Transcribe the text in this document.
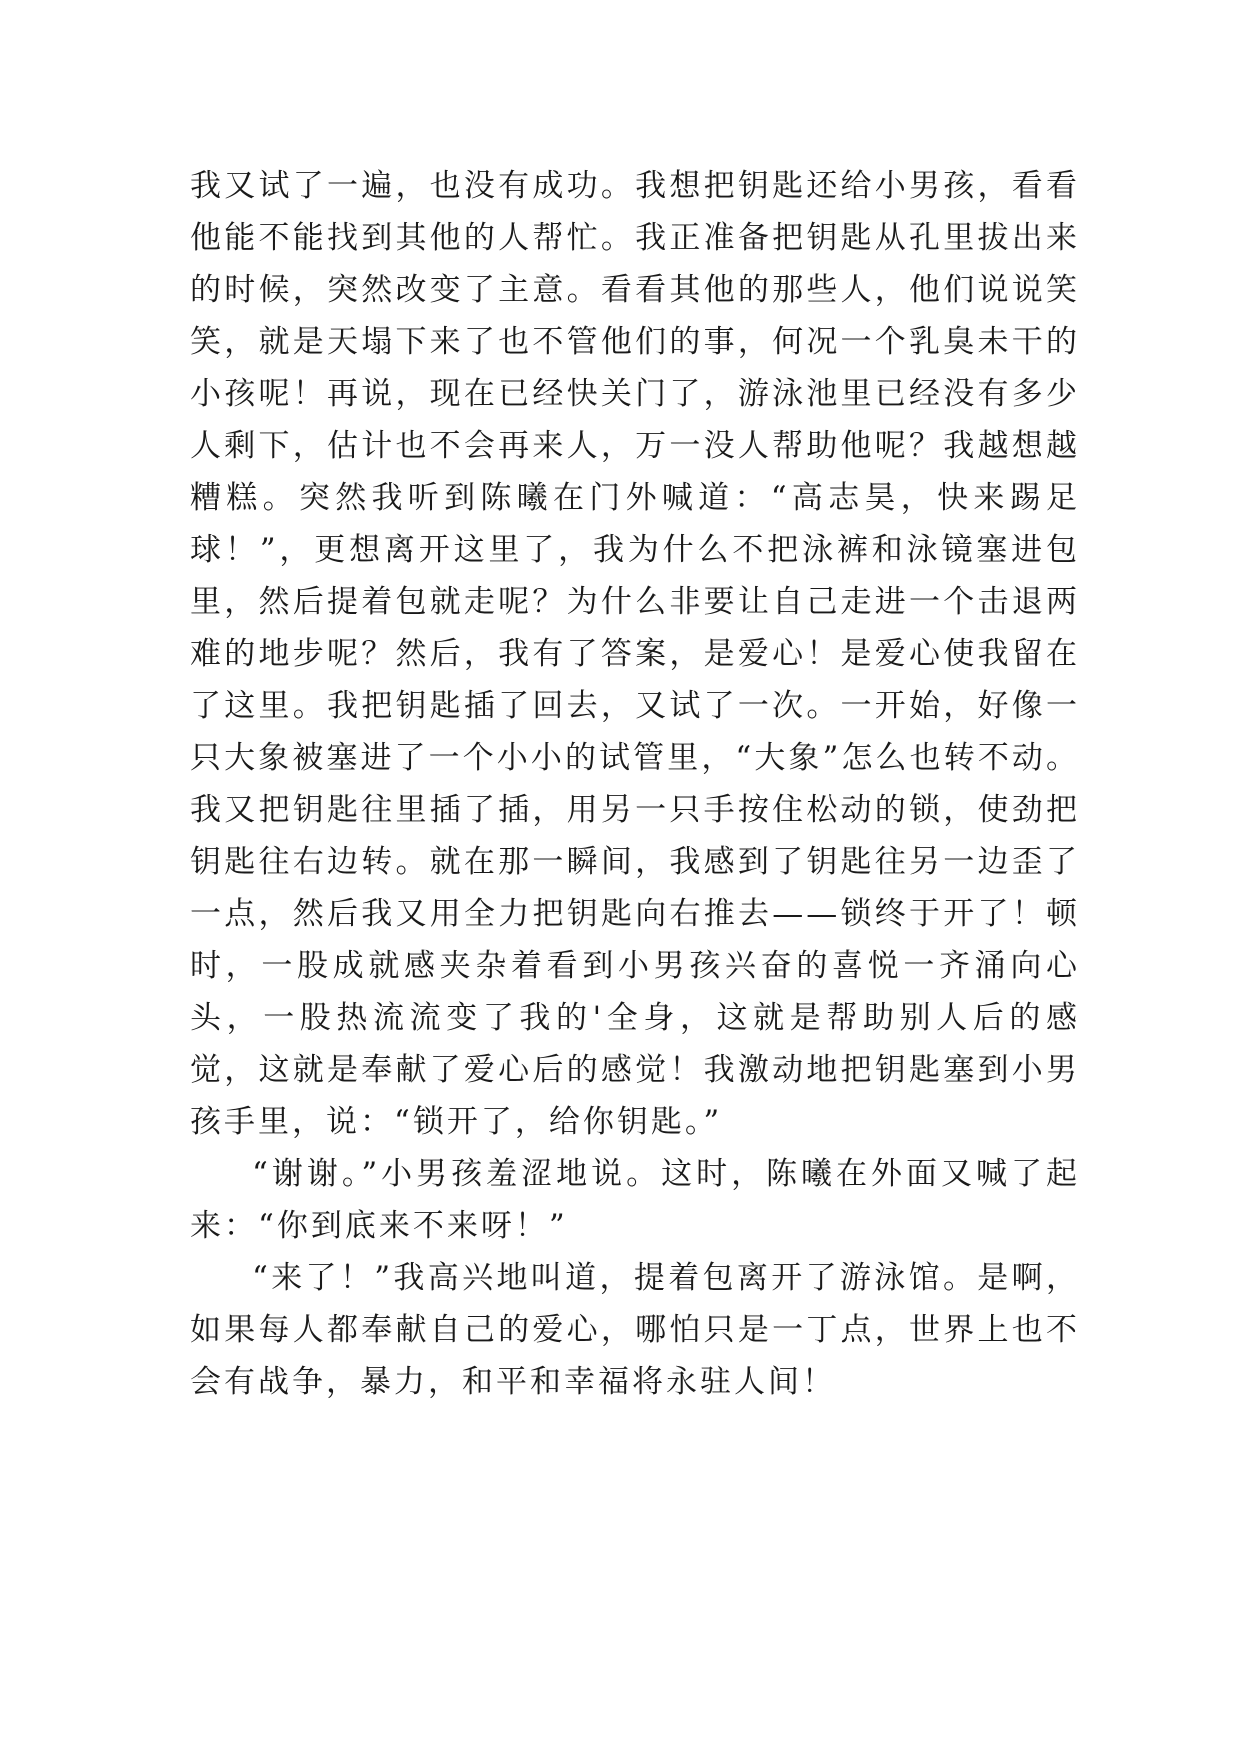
我又试了一遍，也没有成功。我想把钥匙还给小男孩，看看他能不能找到其他的人帮忙。我正准备把钥匙从孔里拔出来的时候，突然改变了主意。看看其他的那些人，他们说说笑笑，就是天塌下来了也不管他们的事，何况一个乳臭未干的小孩呢！再说，现在已经快关门了，游泳池里已经没有多少人剩下，估计也不会再来人，万一没人帮助他呢？我越想越糟糕。突然我听到陈曦在门外喊道：“高志昊，快来踢足球！”，更想离开这里了，我为什么不把泳裤和泳镜塞进包里，然后提着包就走呢？为什么非要让自己走进一个击退两难的地步呢？然后，我有了答案，是爱心！是爱心使我留在了这里。我把钥匙插了回去，又试了一次。一开始，好像一只大象被塞进了一个小小的试管里，“大象”怎么也转不动。我又把钥匙往里插了插，用另一只手按住松动的锁，使劲把钥匙往右边转。就在那一瞬间，我感到了钥匙往另一边歪了一点，然后我又用全力把钥匙向右推去——锁终于开了！顿时，一股成就感夹杂着看到小男孩兴奋的喜悦一齐涌向心头，一股热流流变了我的'全身，这就是帮助别人后的感觉，这就是奉献了爱心后的感觉！我激动地把钥匙塞到小男孩手里，说：“锁开了，给你钥匙。”

“谢谢。”小男孩羞涩地说。这时，陈曦在外面又喊了起来：“你到底来不来呀！”

“来了！”我高兴地叫道，提着包离开了游泳馆。是啊，如果每人都奉献自己的爱心，哪怕只是一丁点，世界上也不会有战争，暴力，和平和幸福将永驻人间！
